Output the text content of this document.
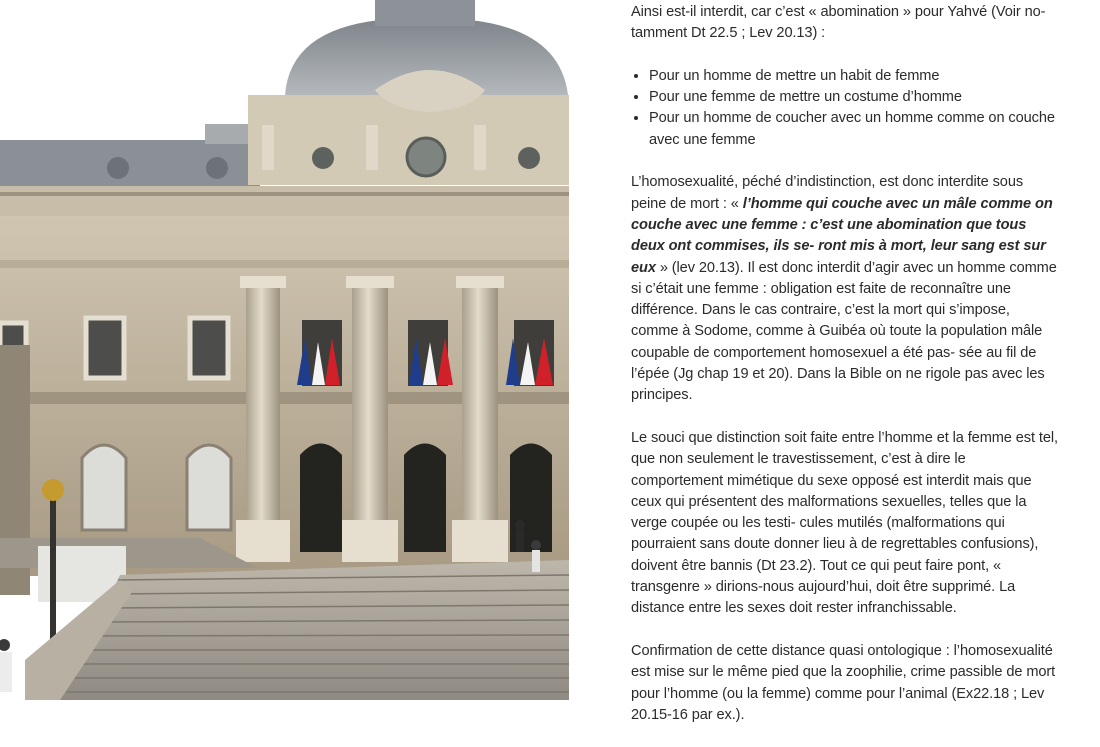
Ainsi est-il interdit, car c’est « abomination » pour Yahvé (Voir no- tamment Dt 22.5 ; Lev 20.13) :

• Pour un homme de mettre un habit de femme
• Pour une femme de mettre un costume d’homme
• Pour un homme de coucher avec un homme comme on couche avec une femme

L’homosexualité, péché d’indistinction, est donc interdite sous peine de mort : « l’homme qui couche avec un mâle comme on couche avec une femme : c’est une abomination que tous deux ont commises, ils se- ront mis à mort, leur sang est sur eux » (lev 20.13). Il est donc interdit d’agir avec un homme comme si c’était une femme : obligation est faite de reconnaître une différence. Dans le cas contraire, c’est la mort qui s’impose, comme à Sodome, comme à Guibéa où toute la population mâle coupable de comportement homosexuel a été pas- sée au fil de l’épée (Jg chap 19 et 20). Dans la Bible on ne rigole pas avec les principes.

Le souci que distinction soit faite entre l’homme et la femme est tel, que non seulement le travestissement, c’est à dire le comportement mimétique du sexe opposé est interdit mais que ceux qui présentent des malformations sexuelles, telles que la verge coupée ou les testi- cules mutilés (malformations qui pourraient sans doute donner lieu à de regrettables confusions), doivent être bannis (Dt 23.2). Tout ce qui peut faire pont, « transgenre » dirions-nous aujourd’hui, doit être supprimé. La distance entre les sexes doit rester infranchissable.

Confirmation de cette distance quasi ontologique : l’homosexualité est mise sur le même pied que la zoophilie, crime passible de mort pour l’homme (ou la femme) comme pour l’animal (Ex22.18 ; Lev 20.15-16 par ex.).
